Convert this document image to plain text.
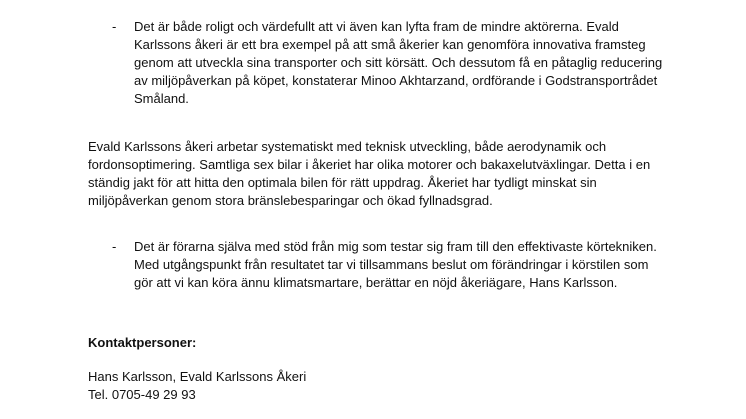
- Det är både roligt och värdefullt att vi även kan lyfta fram de mindre aktörerna. Evald
Karlssons åkeri är ett bra exempel på att små åkerier kan genomföra innovativa framsteg
genom att utveckla sina transporter och sitt körsätt. Och dessutom få en påtaglig reducering
av miljöpåverkan på köpet, konstaterar Minoo Akhtarzand, ordförande i Godstransportrådet
Småland.
Evald Karlssons åkeri arbetar systematiskt med teknisk utveckling, både aerodynamik och
fordonsoptimering. Samtliga sex bilar i åkeriet har olika motorer och bakaxelutväxlingar. Detta i en
ständig jakt för att hitta den optimala bilen för rätt uppdrag. Åkeriet har tydligt minskat sin
miljöpåverkan genom stora bränslebesparingar och ökad fyllnadsgrad.
- Det är förarna själva med stöd från mig som testar sig fram till den effektivaste körtekniken.
Med utgångspunkt från resultatet tar vi tillsammans beslut om förändringar i körstilen som
gör att vi kan köra ännu klimatsmartare, berättar en nöjd åkeriägare, Hans Karlsson.
Kontaktpersoner:
Hans Karlsson, Evald Karlssons Åkeri
Tel. 0705-49 29 93
